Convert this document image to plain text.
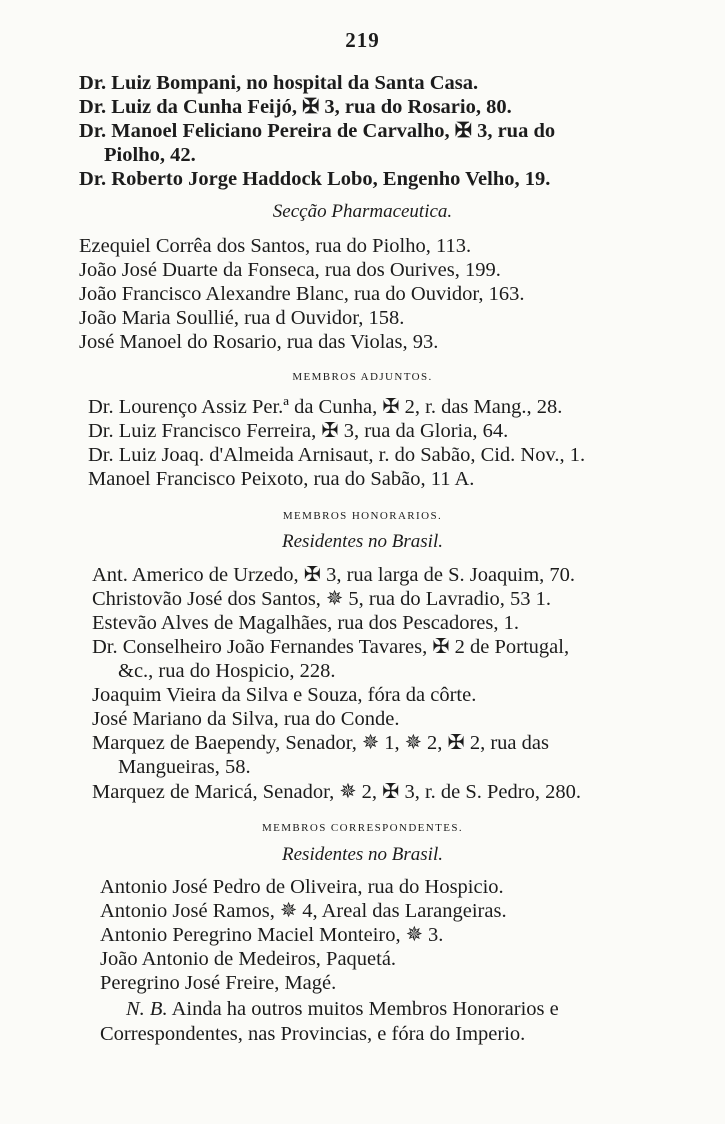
219
Dr. Luiz Bompani, no hospital da Santa Casa.
Dr. Luiz da Cunha Feijó, ✠ 3, rua do Rosario, 80.
Dr. Manoel Feliciano Pereira de Carvalho, ✠ 3, rua do
Piolho, 42.
Dr. Roberto Jorge Haddock Lobo, Engenho Velho, 19.
Secção Pharmaceutica.
Ezequiel Corrêa dos Santos, rua do Piolho, 113.
João José Duarte da Fonseca, rua dos Ourives, 199.
João Francisco Alexandre Blanc, rua do Ouvidor, 163.
João Maria Soullié, rua d Ouvidor, 158.
José Manoel do Rosario, rua das Violas, 93.
MEMBROS ADJUNTOS.
Dr. Lourenço Assiz Per.ª da Cunha, ✠ 2, r. das Mang., 28.
Dr. Luiz Francisco Ferreira, ✠ 3, rua da Gloria, 64.
Dr. Luiz Joaq. d'Almeida Arnisaut, r. do Sabão, Cid. Nov., 1.
Manoel Francisco Peixoto, rua do Sabão, 11 A.
MEMBROS HONORARIOS.
Residentes no Brasil.
Ant. Americo de Urzedo, ✠ 3, rua larga de S. Joaquim, 70.
Christovão José dos Santos, ✵ 5, rua do Lavradio, 53 1.
Estevão Alves de Magalhães, rua dos Pescadores, 1.
Dr. Conselheiro João Fernandes Tavares, ✠ 2 de Portugal,
&c., rua do Hospicio, 228.
Joaquim Vieira da Silva e Souza, fóra da côrte.
José Mariano da Silva, rua do Conde.
Marquez de Baependy, Senador, ✵ 1, ✵ 2, ✠ 2, rua das
Mangueiras, 58.
Marquez de Maricá, Senador, ✵ 2, ✠ 3, r. de S. Pedro, 280.
MEMBROS CORRESPONDENTES.
Residentes no Brasil.
Antonio José Pedro de Oliveira, rua do Hospicio.
Antonio José Ramos, ✵ 4, Areal das Larangeiras.
Antonio Peregrino Maciel Monteiro, ✵ 3.
João Antonio de Medeiros, Paquetá.
Peregrino José Freire, Magé.
N. B. Ainda ha outros muitos Membros Honorarios e
Correspondentes, nas Provincias, e fóra do Imperio.
